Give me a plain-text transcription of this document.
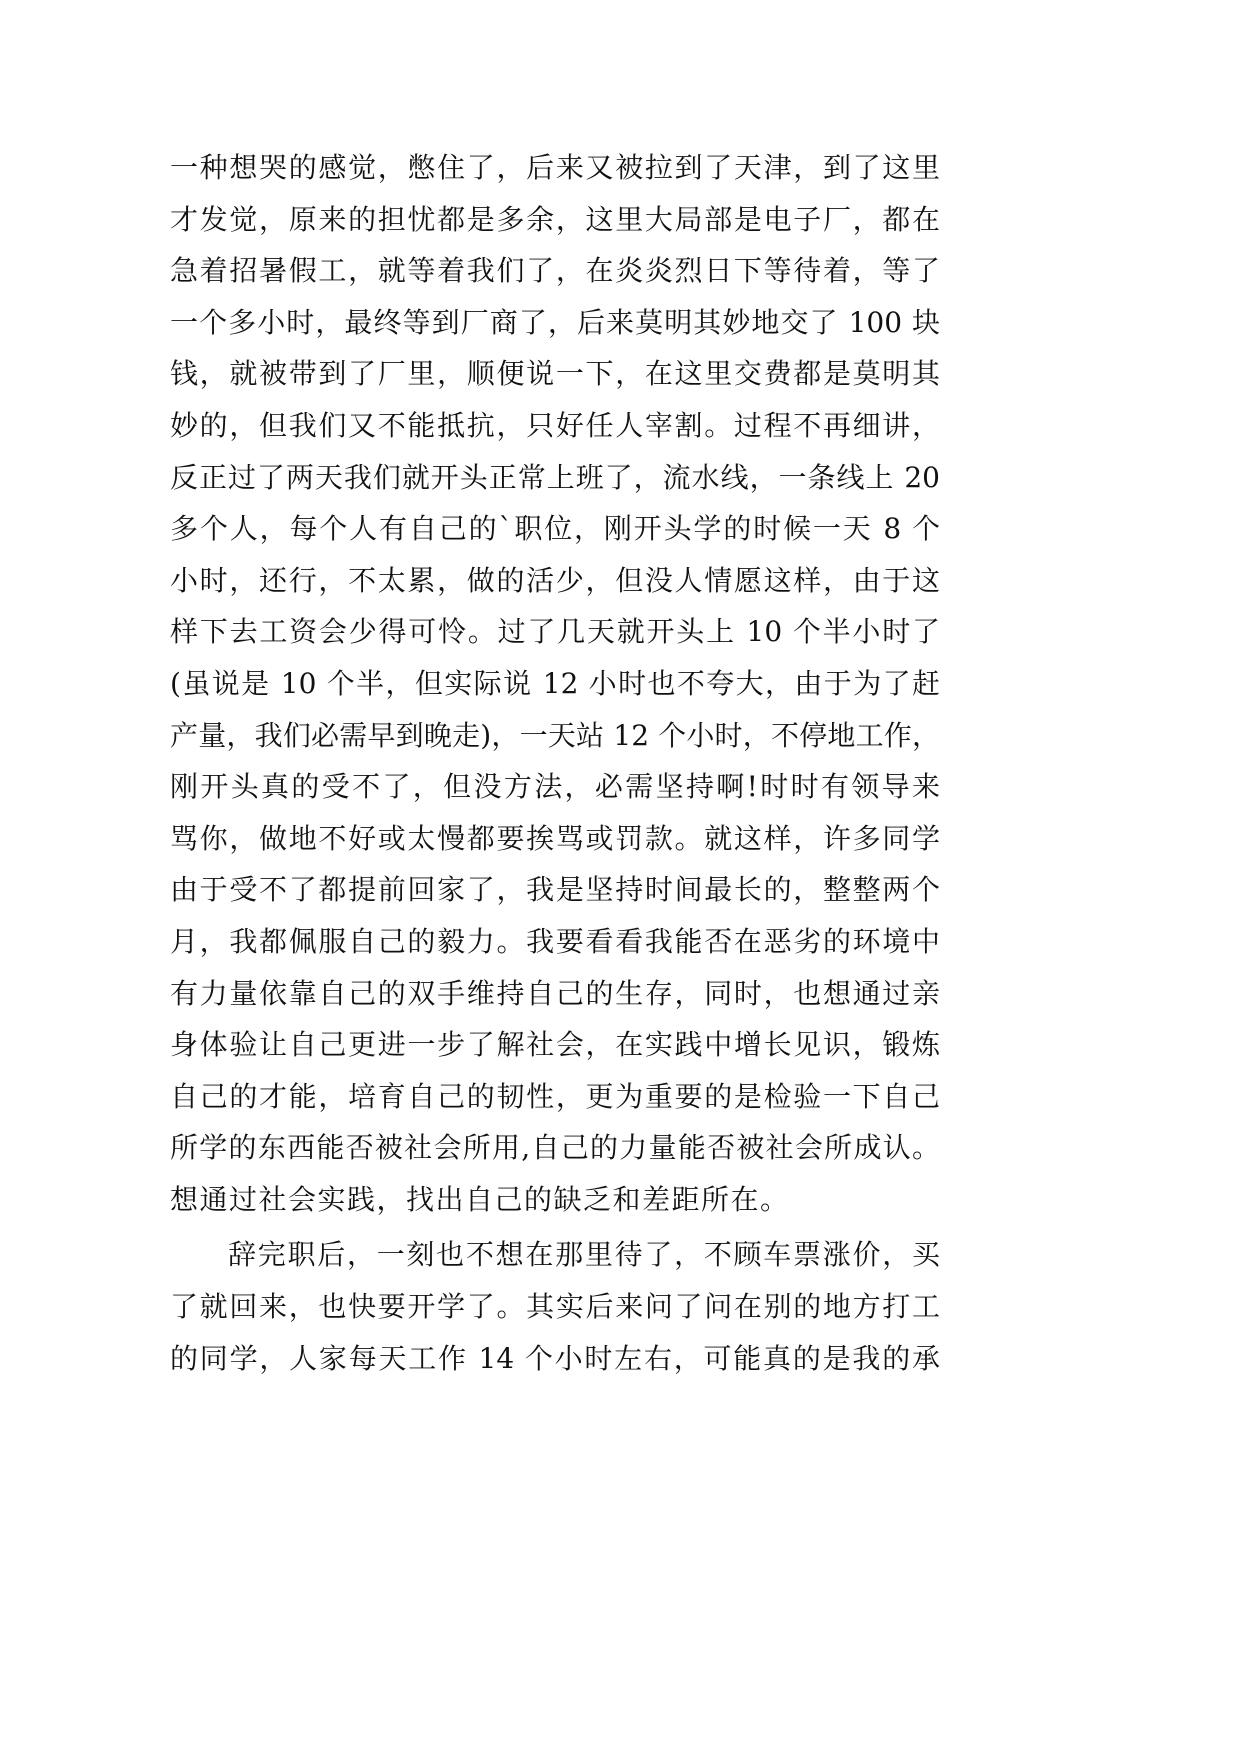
一种想哭的感觉，憋住了，后来又被拉到了天津，到了这里
才发觉，原来的担忧都是多余，这里大局部是电子厂，都在
急着招暑假工，就等着我们了，在炎炎烈日下等待着，等了
一个多小时，最终等到厂商了，后来莫明其妙地交了 100 块
钱，就被带到了厂里，顺便说一下，在这里交费都是莫明其
妙的，但我们又不能抵抗，只好任人宰割。过程不再细讲，
反正过了两天我们就开头正常上班了，流水线，一条线上 20
多个人，每个人有自己的`职位，刚开头学的时候一天 8 个
小时，还行，不太累，做的活少，但没人情愿这样，由于这
样下去工资会少得可怜。过了几天就开头上 10 个半小时了
(虽说是 10 个半，但实际说 12 小时也不夸大，由于为了赶
产量，我们必需早到晚走)，一天站 12 个小时，不停地工作，
刚开头真的受不了，但没方法，必需坚持啊!时时有领导来
骂你，做地不好或太慢都要挨骂或罚款。就这样，许多同学
由于受不了都提前回家了，我是坚持时间最长的，整整两个
月，我都佩服自己的毅力。我要看看我能否在恶劣的环境中
有力量依靠自己的双手维持自己的生存，同时，也想通过亲
身体验让自己更进一步了解社会，在实践中增长见识，锻炼
自己的才能，培育自己的韧性，更为重要的是检验一下自己
所学的东西能否被社会所用,自己的力量能否被社会所成认。
想通过社会实践，找出自己的缺乏和差距所在。
辞完职后，一刻也不想在那里待了，不顾车票涨价，买
了就回来，也快要开学了。其实后来问了问在别的地方打工
的同学，人家每天工作 14 个小时左右，可能真的是我的承
